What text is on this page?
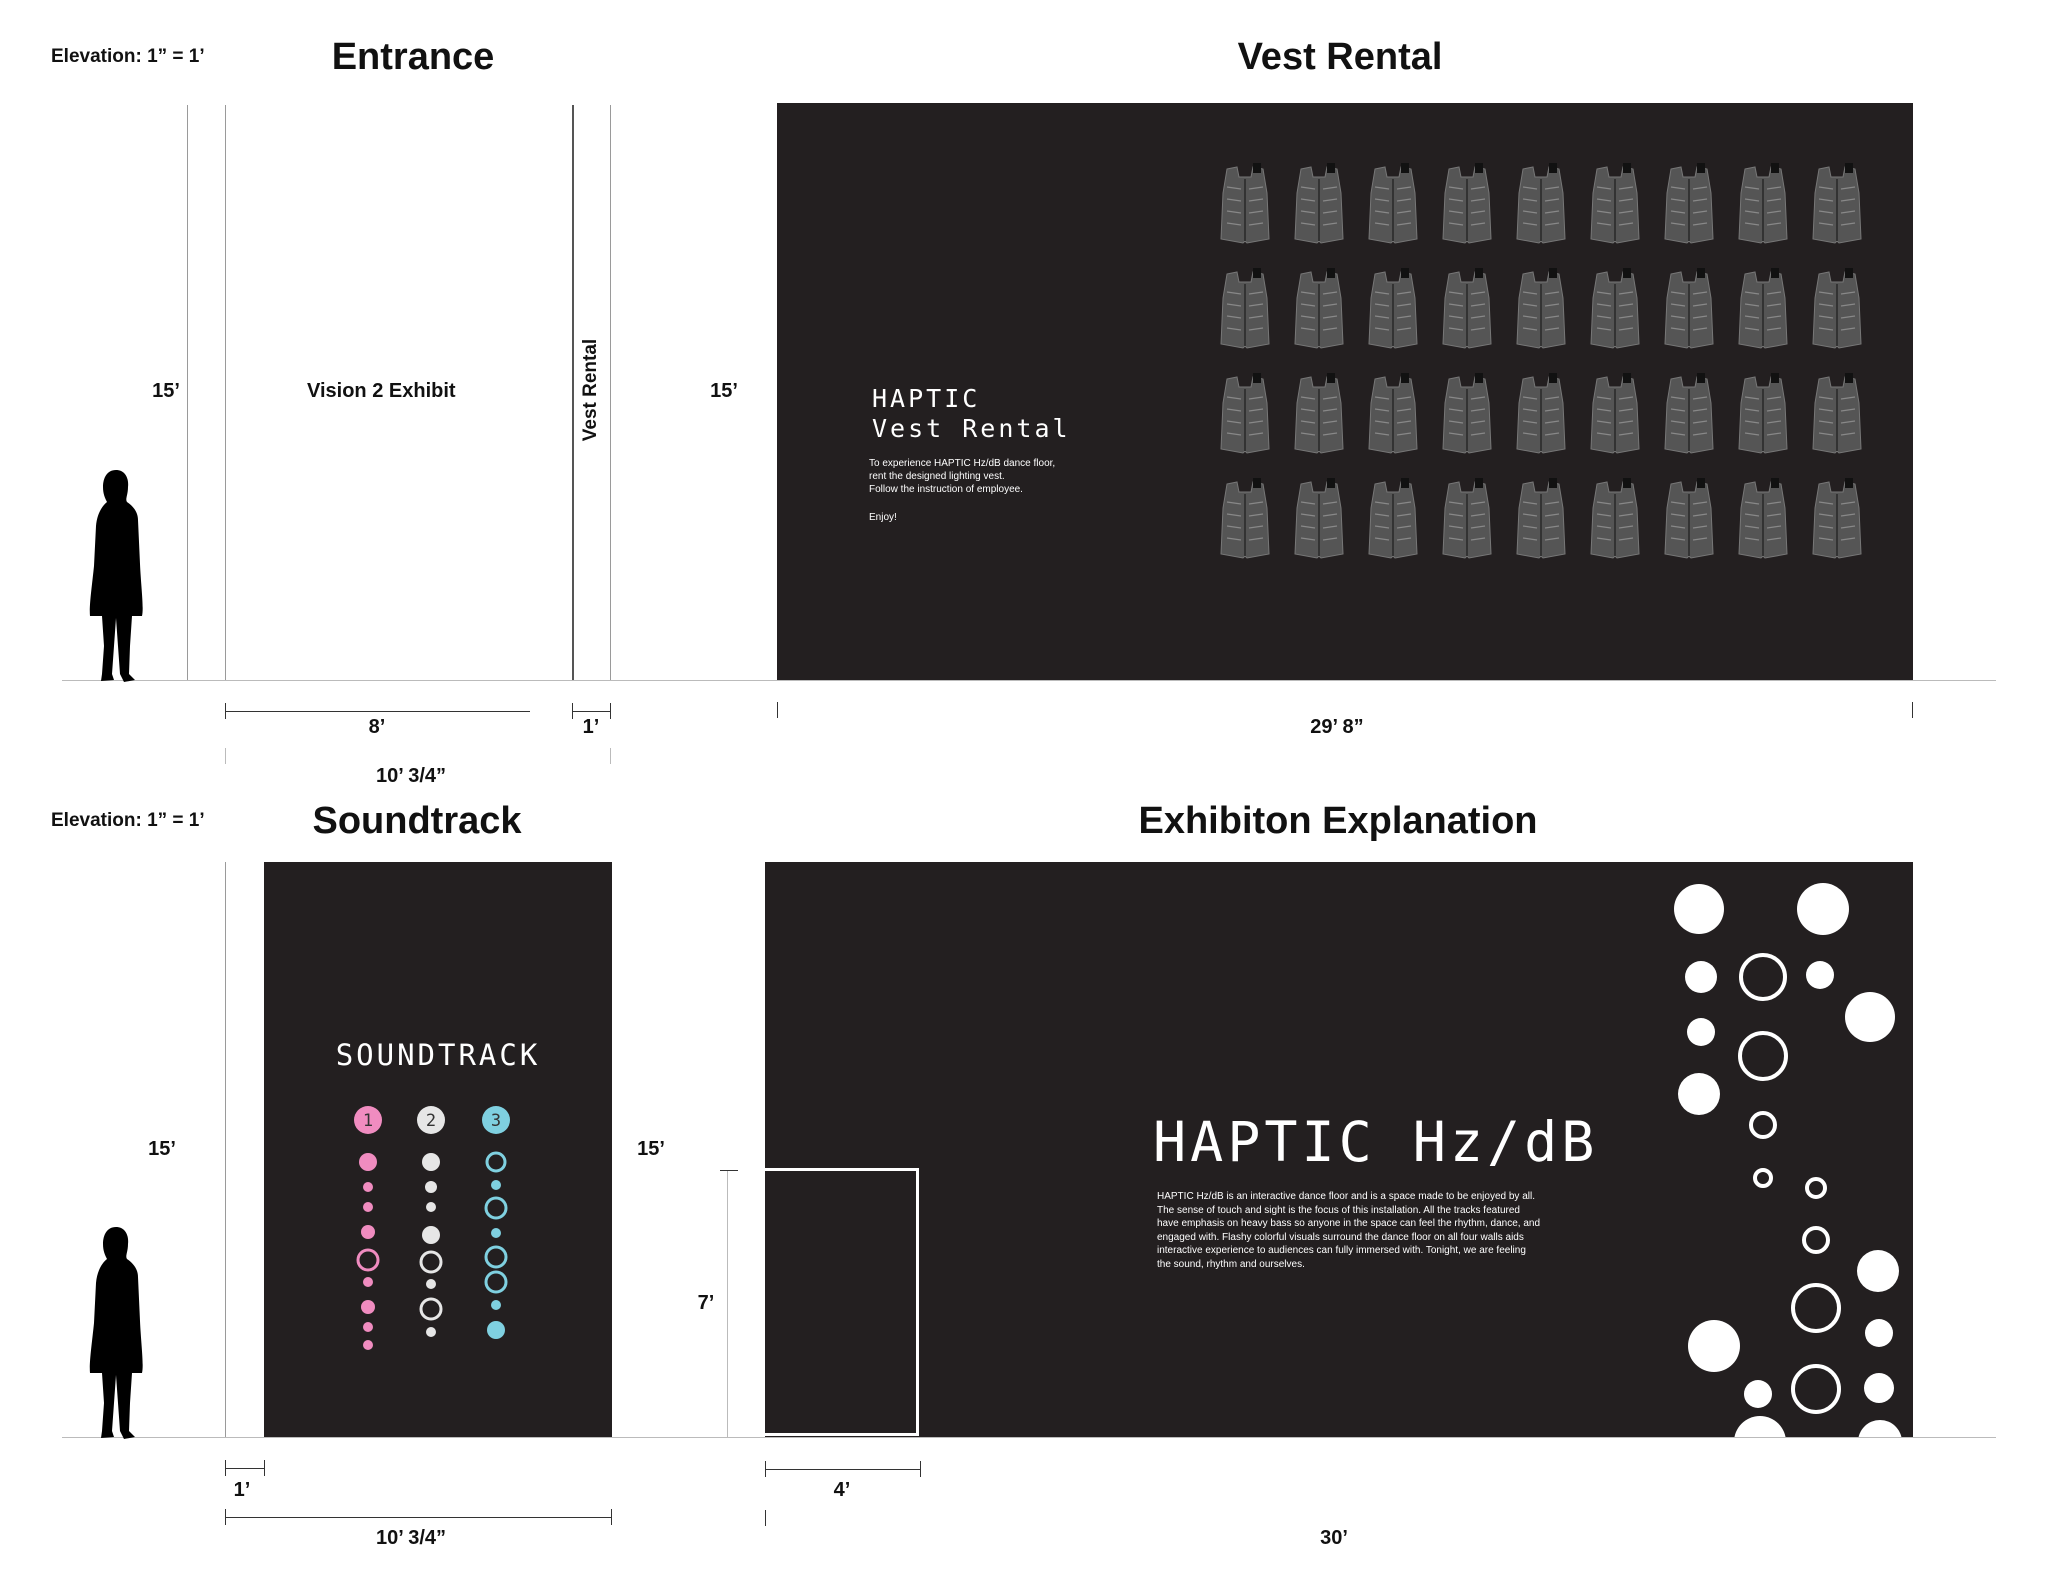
Elevation: 1” = 1’	Entrance	Vest Rental
15’	Vision 2 Exhibit	Vest Rental	15’	HAPTIC
Vest Rental
To experience HAPTIC Hz/dB dance floor,
rent the designed lighting vest.
Follow the instruction of employee.
Enjoy!
8’	1’
10’ 3/4”
29’ 8”
Elevation: 1” = 1’	Soundtrack	Exhibiton Explanation
15’
SOUNDTRACK
1	2	3
15’
7’
HAPTIC Hz/dB
HAPTIC Hz/dB is an interactive dance floor and is a space made to be enjoyed by all.
The sense of touch and sight is the focus of this installation. All the tracks featured
have emphasis on heavy bass so anyone in the space can feel the rhythm, dance, and
engaged with. Flashy colorful visuals surround the dance floor on all four walls aids
interactive experience to audiences can fully immersed with. Tonight, we are feeling
the sound, rhythm and ourselves.
1’
10’ 3/4”
4’
30’
